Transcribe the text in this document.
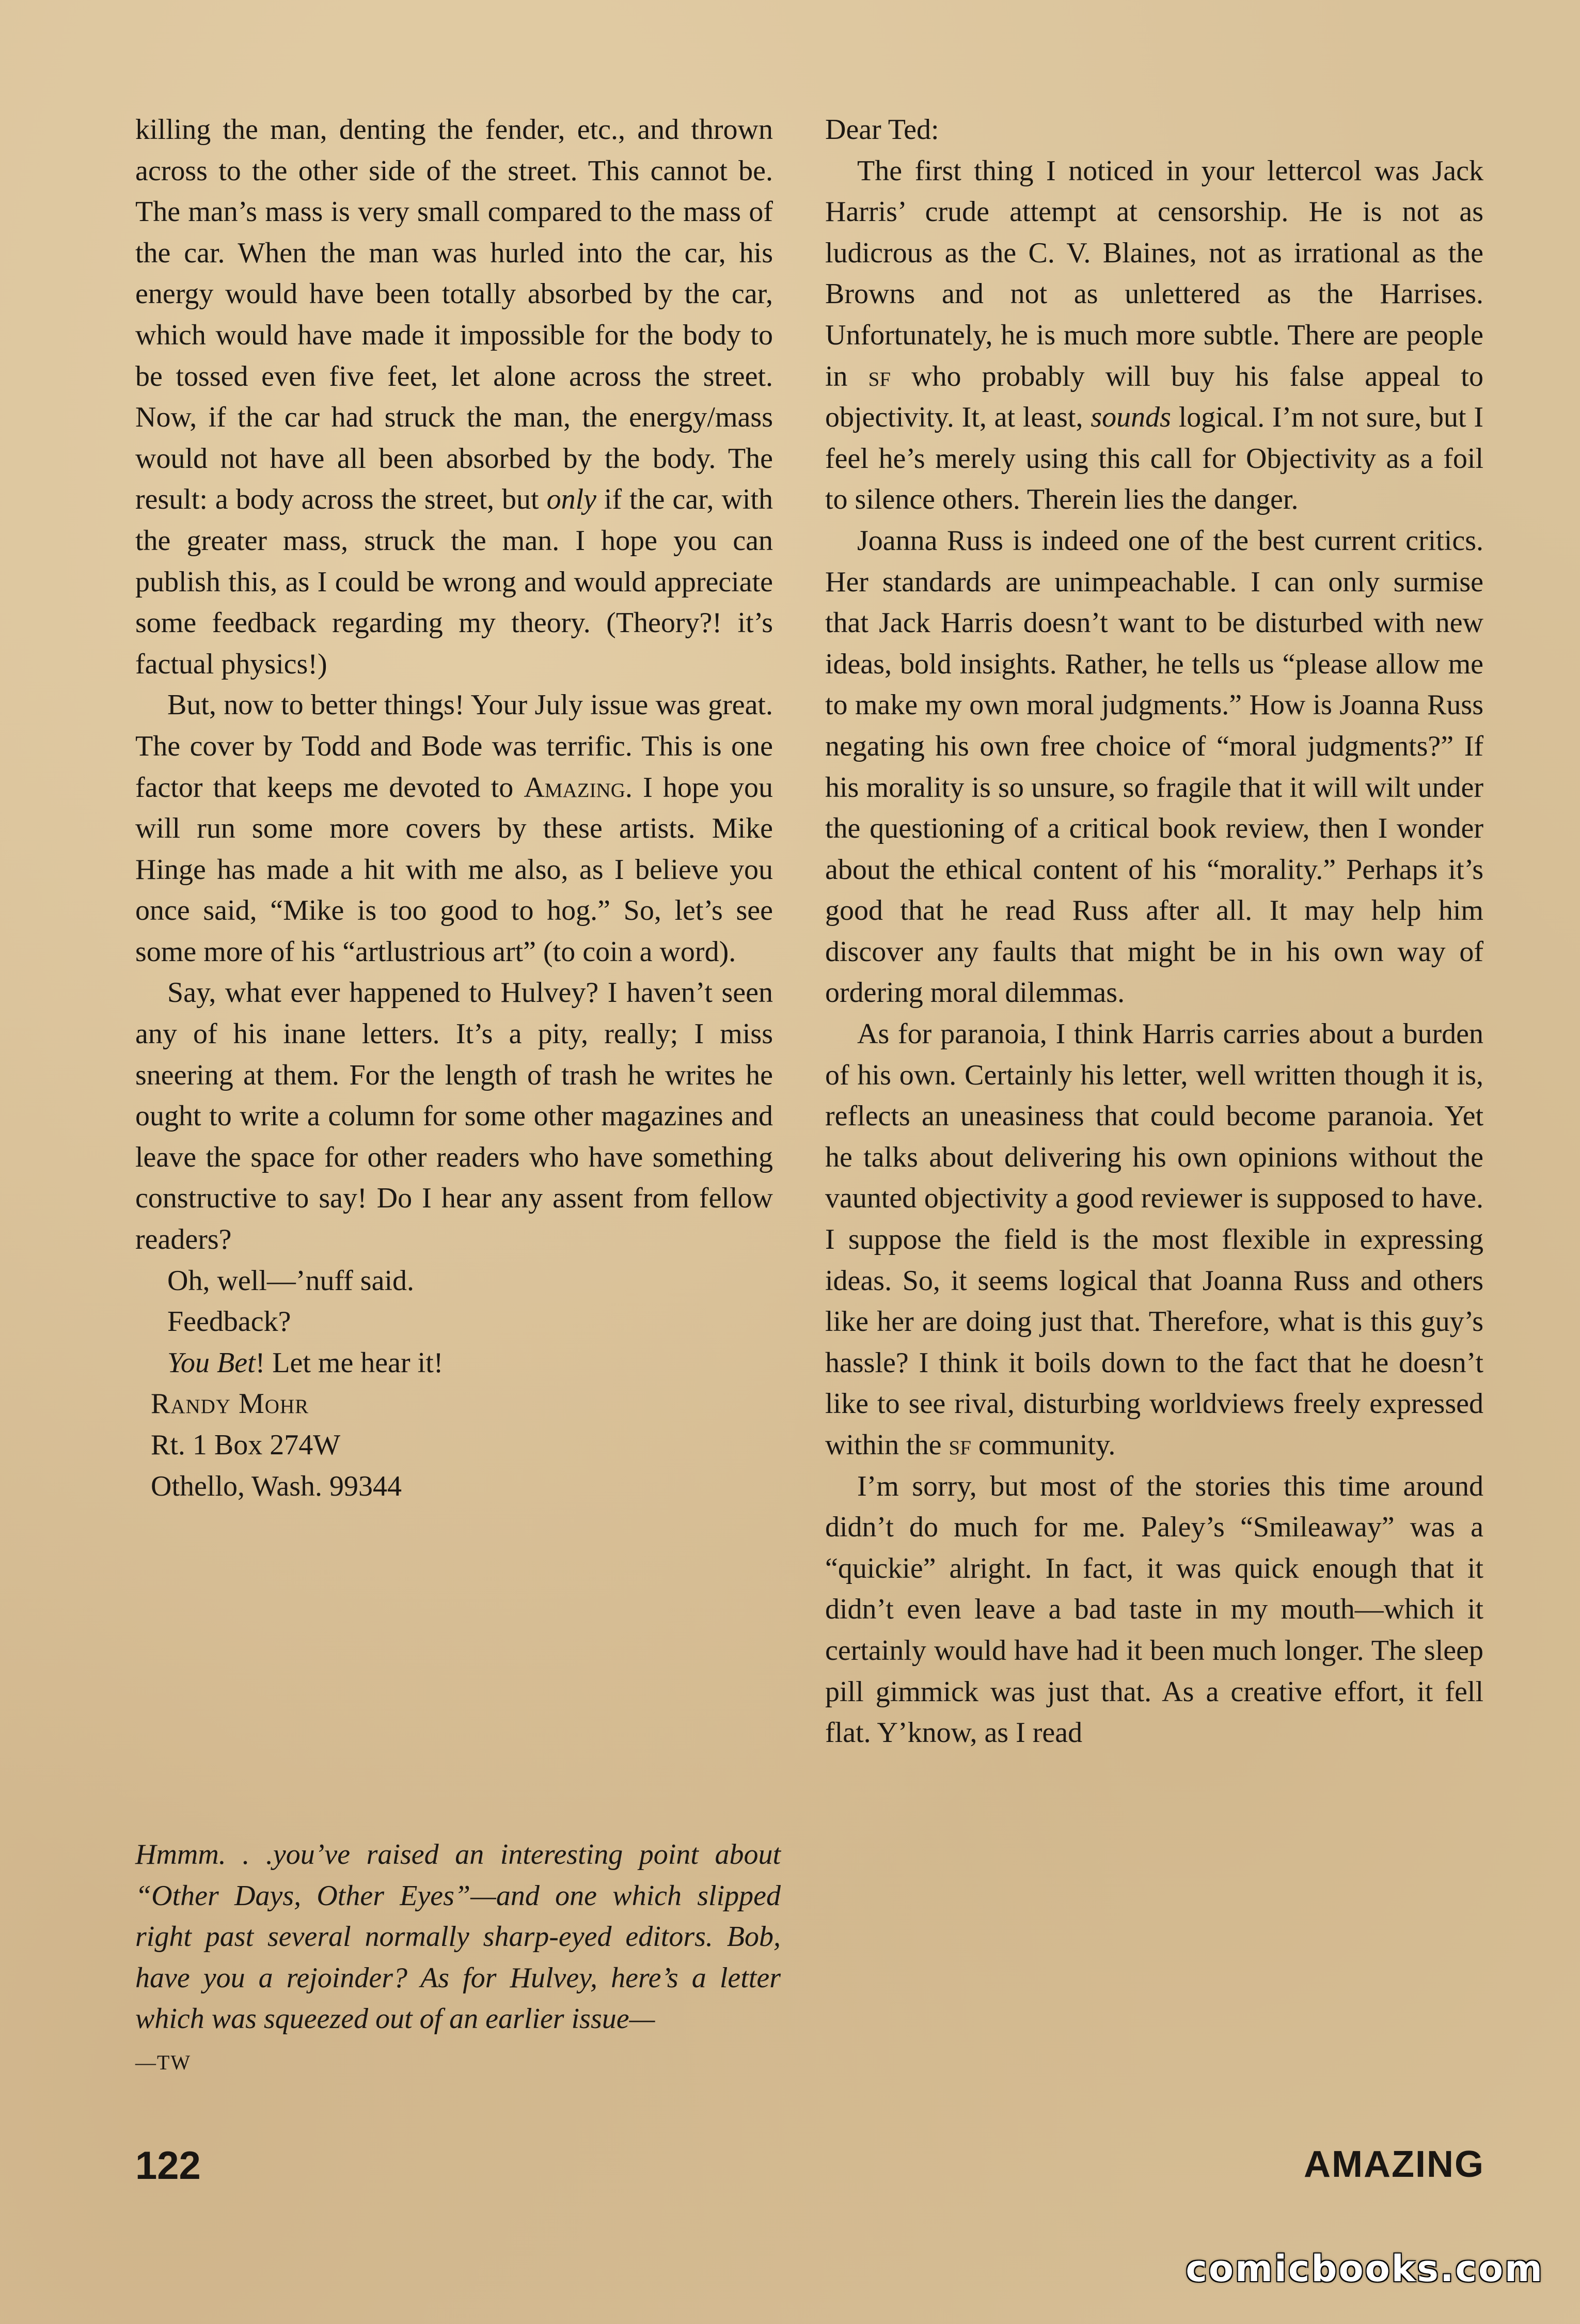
killing the man, denting the fender, etc., and thrown across to the other side of the street. This cannot be. The man’s mass is very small compared to the mass of the car. When the man was hurled into the car, his energy would have been totally absorbed by the car, which would have made it impossible for the body to be tossed even five feet, let alone across the street. Now, if the car had struck the man, the energy/mass would not have all been absorbed by the body. The result: a body across the street, but only if the car, with the greater mass, struck the man. I hope you can publish this, as I could be wrong and would appreciate some feedback regarding my theory. (Theory?! it’s factual physics!)

But, now to better things! Your July issue was great. The cover by Todd and Bode was terrific. This is one factor that keeps me devoted to Amazing. I hope you will run some more covers by these artists. Mike Hinge has made a hit with me also, as I believe you once said, “Mike is too good to hog.” So, let’s see some more of his “artlustrious art” (to coin a word).

Say, what ever happened to Hulvey? I haven’t seen any of his inane letters. It’s a pity, really; I miss sneering at them. For the length of trash he writes he ought to write a column for some other magazines and leave the space for other readers who have something constructive to say! Do I hear any assent from fellow readers?

Oh, well—’nuff said.

Feedback?

You Bet! Let me hear it!

Randy Mohr

Rt. 1 Box 274W

Othello, Wash. 99344

Hmmm. . .you’ve raised an interesting point about “Other Days, Other Eyes”—and one which slipped right past several normally sharp-eyed editors. Bob, have you a rejoinder? As for Hulvey, here’s a letter which was squeezed out of an earlier issue—
—TW

Dear Ted:

The first thing I noticed in your lettercol was Jack Harris’ crude attempt at censorship. He is not as ludicrous as the C. V. Blaines, not as irrational as the Browns and not as unlettered as the Harrises. Unfortunately, he is much more subtle. There are people in sf who probably will buy his false appeal to objectivity. It, at least, sounds logical. I’m not sure, but I feel he’s merely using this call for Objectivity as a foil to silence others. Therein lies the danger.

Joanna Russ is indeed one of the best current critics. Her standards are unimpeachable. I can only surmise that Jack Harris doesn’t want to be disturbed with new ideas, bold insights. Rather, he tells us “please allow me to make my own moral judgments.” How is Joanna Russ negating his own free choice of “moral judgments?” If his morality is so unsure, so fragile that it will wilt under the questioning of a critical book review, then I wonder about the ethical content of his “morality.” Perhaps it’s good that he read Russ after all. It may help him discover any faults that might be in his own way of ordering moral dilemmas.

As for paranoia, I think Harris carries about a burden of his own. Certainly his letter, well written though it is, reflects an uneasiness that could become paranoia. Yet he talks about delivering his own opinions without the vaunted objectivity a good reviewer is supposed to have. I suppose the field is the most flexible in expressing ideas. So, it seems logical that Joanna Russ and others like her are doing just that. Therefore, what is this guy’s hassle? I think it boils down to the fact that he doesn’t like to see rival, disturbing worldviews freely expressed within the sf community.

I’m sorry, but most of the stories this time around didn’t do much for me. Paley’s “Smileaway” was a “quickie” alright. In fact, it was quick enough that it didn’t even leave a bad taste in my mouth—which it certainly would have had it been much longer. The sleep pill gimmick was just that. As a creative effort, it fell flat. Y’know, as I read

122	AMAZING
comicbooks.com
